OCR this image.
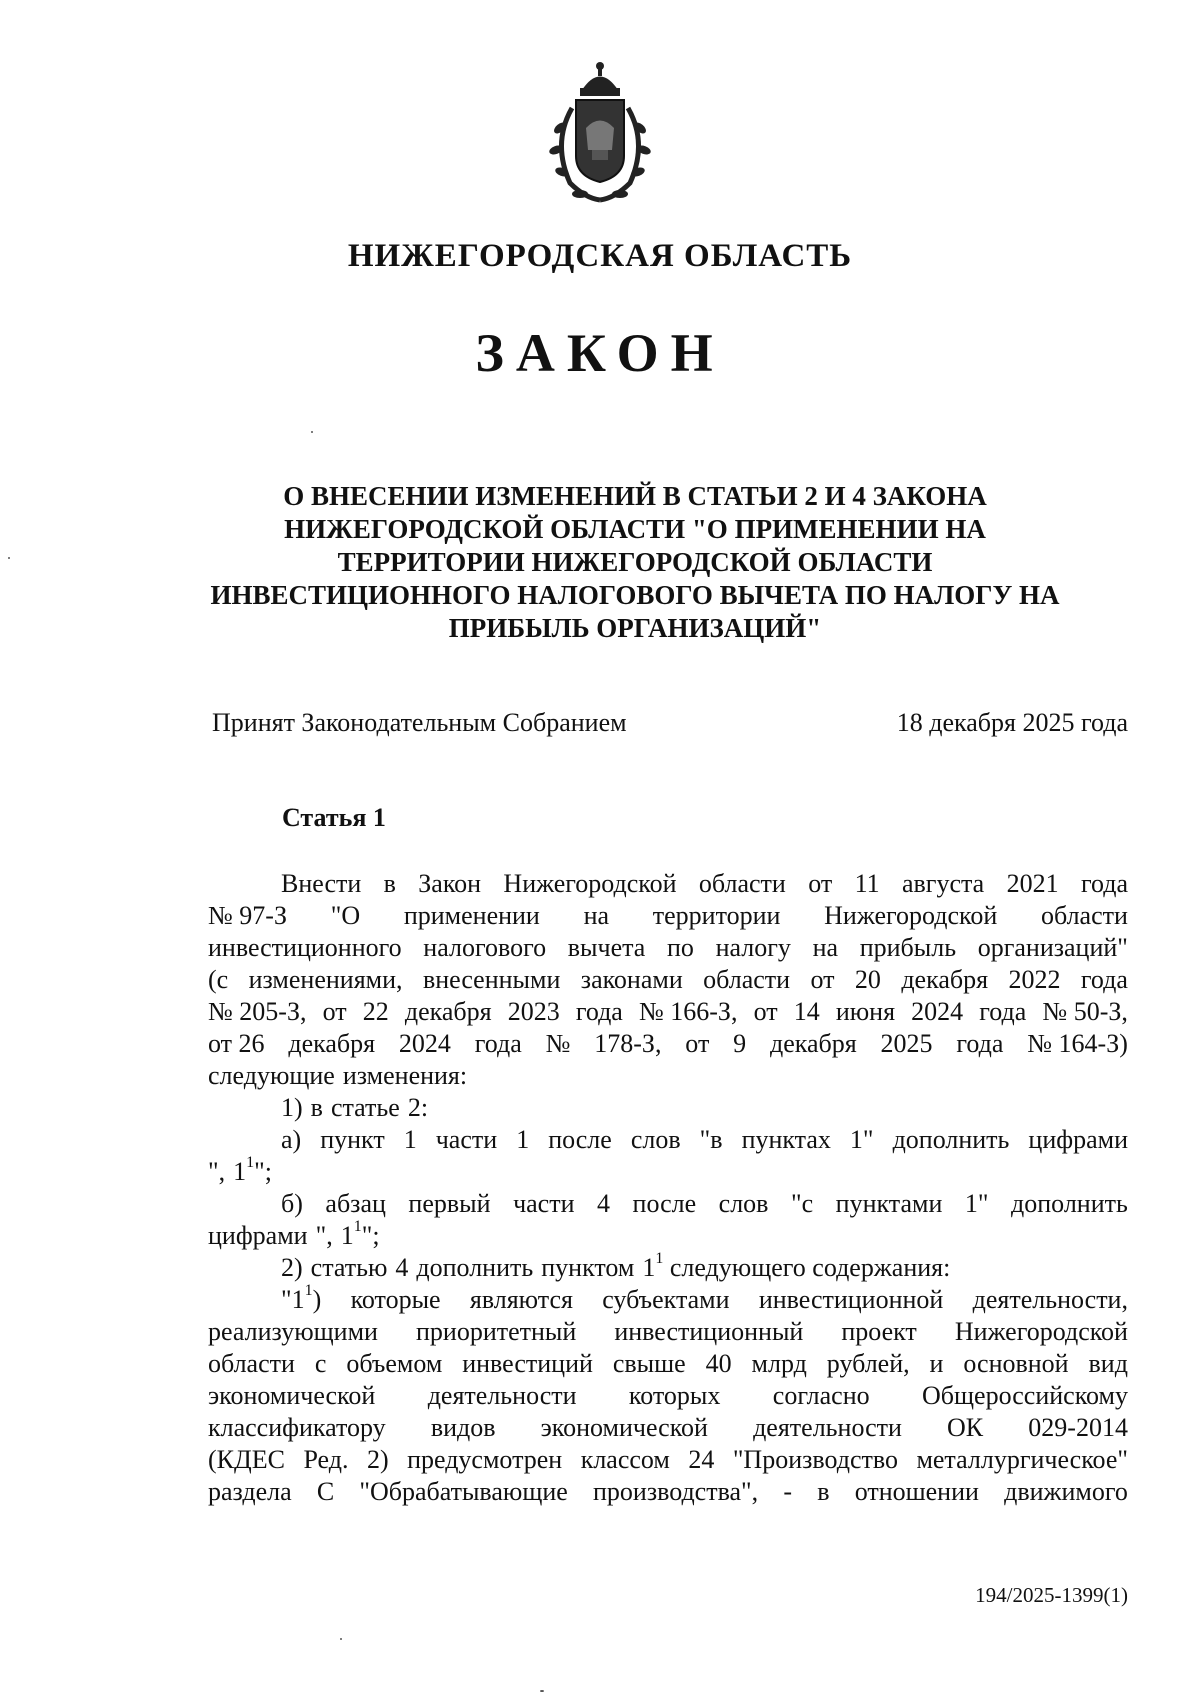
НИЖЕГОРОДСКАЯ ОБЛАСТЬ
ЗАКОН
О ВНЕСЕНИИ ИЗМЕНЕНИЙ В СТАТЬИ 2 И 4 ЗАКОНА
НИЖЕГОРОДСКОЙ ОБЛАСТИ "О ПРИМЕНЕНИИ НА
ТЕРРИТОРИИ НИЖЕГОРОДСКОЙ ОБЛАСТИ
ИНВЕСТИЦИОННОГО НАЛОГОВОГО ВЫЧЕТА ПО НАЛОГУ НА
ПРИБЫЛЬ ОРГАНИЗАЦИЙ"
Принят Законодательным Собранием	18 декабря 2025 года
Статья 1
Внести в Закон Нижегородской области от 11 августа 2021 года
№ 97-З "О применении на территории Нижегородской области
инвестиционного налогового вычета по налогу на прибыль организаций"
(с изменениями, внесенными законами области от 20 декабря 2022 года
№ 205-З, от 22 декабря 2023 года № 166-З, от 14 июня 2024 года № 50-З,
от 26 декабря 2024 года № 178-З, от 9 декабря 2025 года № 164-З)
следующие изменения:
1) в статье 2:
а) пункт 1 части 1 после слов "в пунктах 1" дополнить цифрами
", $1^1$";
б) абзац первый части 4 после слов "с пунктами 1" дополнить
цифрами ", $1^1$";
2) статью 4 дополнить пунктом $1^1$ следующего содержания:
"$1^1$) которые являются субъектами инвестиционной деятельности,
реализующими приоритетный инвестиционный проект Нижегородской
области с объемом инвестиций свыше 40 млрд рублей, и основной вид
экономической деятельности которых согласно Общероссийскому
классификатору видов экономической деятельности ОК 029-2014
(КДЕС Ред. 2) предусмотрен классом 24 "Производство металлургическое"
раздела С "Обрабатывающие производства", - в отношении движимого
194/2025-1399(1)
